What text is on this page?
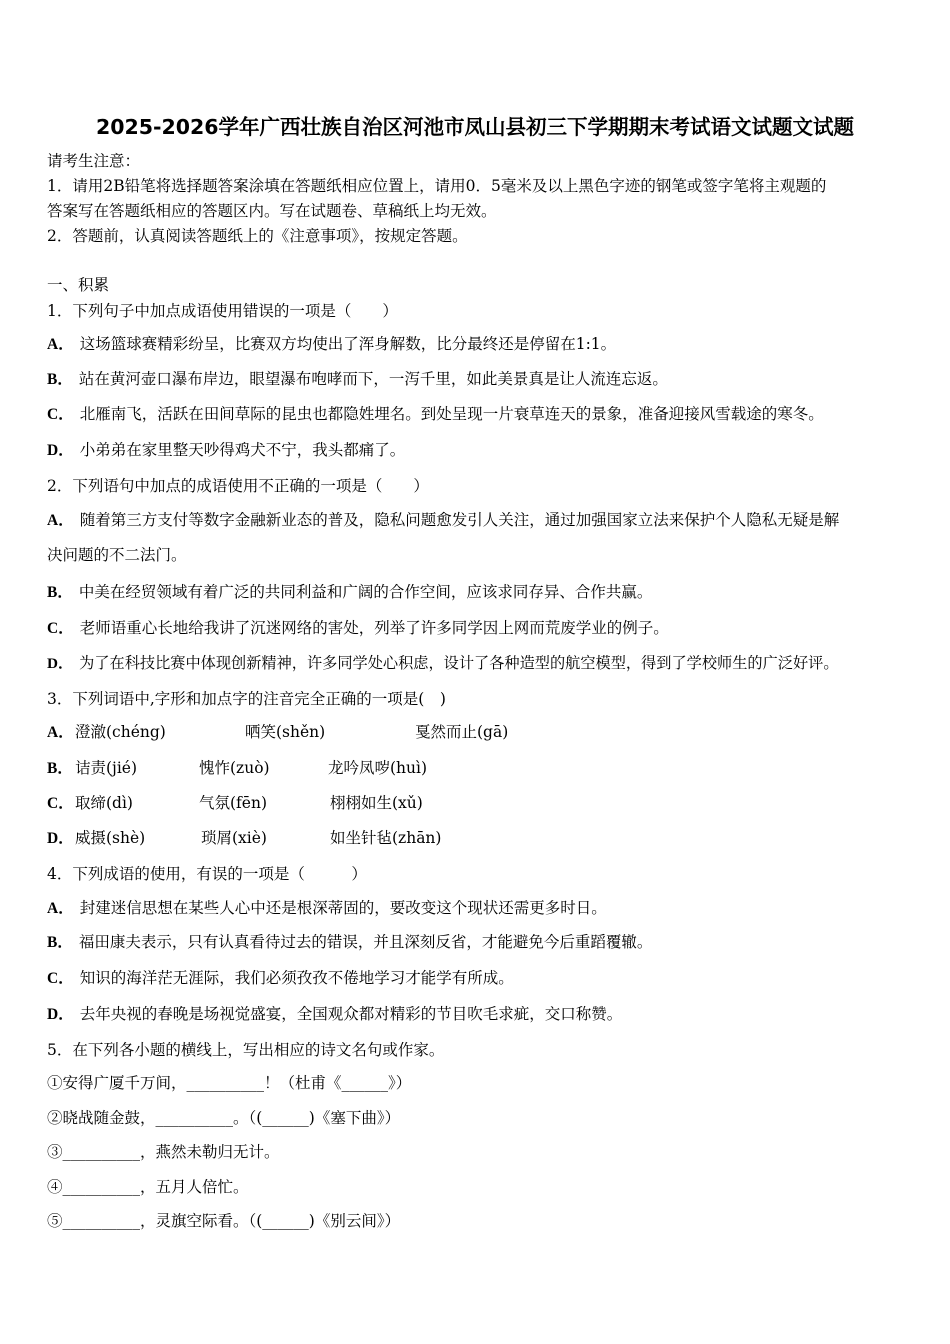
2025-2026学年广西壮族自治区河池市凤山县初三下学期期末考试语文试题文试题
请考生注意：
1．请用2B铅笔将选择题答案涂填在答题纸相应位置上，请用0．5毫米及以上黑色字迹的钢笔或签字笔将主观题的
答案写在答题纸相应的答题区内。写在试题卷、草稿纸上均无效。
2．答题前，认真阅读答题纸上的《注意事项》，按规定答题。
一、积累
1．下列句子中加点成语使用错误的一项是（　　）
A． 这场篮球赛精彩纷呈，比赛双方均使出了浑身解数，比分最终还是停留在1:1。
B． 站在黄河壶口瀑布岸边，眼望瀑布咆哮而下，一泻千里，如此美景真是让人流连忘返。
C． 北雁南飞，活跃在田间草际的昆虫也都隐姓埋名。到处呈现一片衰草连天的景象，准备迎接风雪载途的寒冬。
D． 小弟弟在家里整天吵得鸡犬不宁，我头都痛了。
2．下列语句中加点的成语使用不正确的一项是（　　）
A． 随着第三方支付等数字金融新业态的普及，隐私问题愈发引人关注，通过加强国家立法来保护个人隐私无疑是解
决问题的不二法门。
B． 中美在经贸领域有着广泛的共同利益和广阔的合作空间，应该求同存异、合作共赢。
C． 老师语重心长地给我讲了沉迷网络的害处，列举了许多同学因上网而荒废学业的例子。
D． 为了在科技比赛中体现创新精神，许多同学处心积虑，设计了各种造型的航空模型，得到了学校师生的广泛好评。
3．下列词语中,字形和加点字的注音完全正确的一项是(　)
A． 澄澈(chéng)	哂笑(shěn)	戛然而止(gā)
B． 诘责(jié)	愧怍(zuò)	龙吟凤哕(huì)
C． 取缔(dì)	气氛(fēn)	栩栩如生(xǔ)
D． 威摄(shè)	琐屑(xiè)	如坐针毡(zhān)
4．下列成语的使用，有误的一项是（　　　）
A． 封建迷信思想在某些人心中还是根深蒂固的，要改变这个现状还需更多时日。
B． 福田康夫表示，只有认真看待过去的错误，并且深刻反省，才能避免今后重蹈覆辙。
C． 知识的海洋茫无涯际，我们必须孜孜不倦地学习才能学有所成。
D． 去年央视的春晚是场视觉盛宴，全国观众都对精彩的节目吹毛求疵，交口称赞。
5．在下列各小题的横线上，写出相应的诗文名句或作家。
①安得广厦千万间，__________！（杜甫《______》）
②晓战随金鼓，__________。（(______)《塞下曲》）
③__________，燕然未勒归无计。
④__________，五月人倍忙。
⑤__________，灵旗空际看。（(______)《别云间》）
